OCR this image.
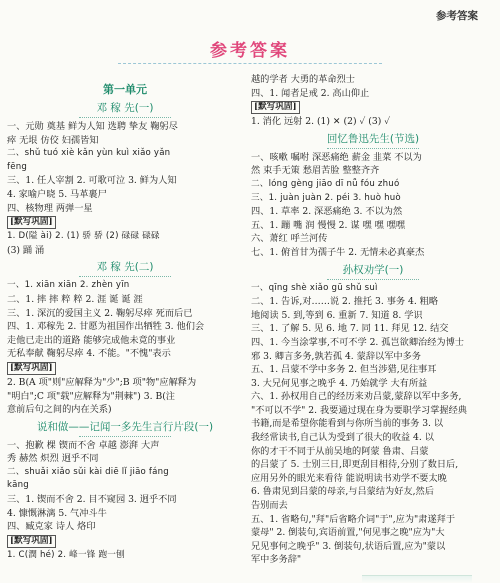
参考答案
参考答案

第一单元

邓 稼 先(一)

一、元勋 奠基 鲜为人知 选聘 挚友 鞠躬尽

瘁 无垠 仿佼 妇孺皆知

二、shǔ tuó xiè kǎn yùn kuì xiǎo yǎn

fēng

三、1. 任人宰割 2. 可歌可泣 3. 鲜为人知

4. 家喻户晓 5. 马革裹尸

四、核物理 两弹一星

[默写巩固]

1. D(隘 ài) 2. (1) 骄 骄 (2) 碌碌 碌碌

(3) 踊 涌

邓 稼 先(二)

一、1. xiān xiān 2. zhèn yīn

二、1. 摔 摔 粹 粹 2. 涯 诞 诞 涯

三、1. 深沉的爱国主义 2. 鞠躬尽瘁 死而后已

四、1. 邓稼先 2. 甘愿为祖国作出牺牲 3. 他们会

走他已走出的道路 能够完成他未竟的事业

无私奉献 鞠躬尽瘁 4. 不能。"不愧"表示

[默写巩固]

2. B(A 项"则"应解释为"少";B 项"物"应解释为

"明白";C 项"载"应解释为"荆棘") 3. B(注

意前后句之间的内在关系)

说和做——记闻一多先生言行片段(一)

一、抱歉 棵 锲而不舍 卓越 澎湃 大声

秀 赫然 炽烈 迥乎不同

二、shuǎi xiǎo sǔi kài diē lǐ jiāo fáng

kāng

三、1. 锲而不舍 2. 目不窥园 3. 迥乎不同

4. 慷慨淋漓 5. 气冲斗牛

四、臧克家 诗人 烙印

[默写巩固]

1. C(潤 hé) 2. 峰一锋 跑一刨

越的学者 大勇的革命烈士

四、1. 闻者足戒 2. 高山仰止

[默写巩固]

1. 消化 远射 2. (1) ✕ (2) ✓ (3) ✓

回忆鲁迅先生(节选)

一、咳嗽 嘱咐 深恶痛绝 薪金 韭菜 不以为

然 束手无策 愁眉苦脸 整整齐齐

二、lóng gèng jiāo dī nǚ fóu zhuó

三、1. juàn juàn 2. péi 3. huò huò

四、1. 草率 2. 深恶痛绝 3. 不以为然

五、1. 蹦 嘴 润 慢慢 2. 谋 嘿 嘿 嘿嘿

六、萧红 呼兰河传

七、1. 俯首甘为孺子牛 2. 无情未必真豪杰

孙权劝学(一)

一、qīng shè xiǎo gū shǔ suì

二、1. 告诉,对……说 2. 推托 3. 事务 4. 粗略

地阅读 5. 到,等到 6. 重新 7. 知道 8. 学识

三、1. 了解 5. 见 6. 地 7. 同 11. 拜见 12. 结交

四、1. 今当涂掌事,不可不学 2. 孤岂欲卿治经为博士

邪 3. 卿言多务,孰若孤 4. 蒙辞以军中多务

五、1. 吕蒙不学中多务 2. 但当涉猎,见往事耳

3. 大兄何见事之晚乎 4. 乃始就学 大有所益

六、1. 孙权用自己的经历来劝吕蒙,蒙辞以军中多务,

"不可以不学" 2. 我要通过现在身为要职学习掌握经典

书籍,而是希望你能看到与你所当前的事务 3. 以

我经常读书,自己认为受到了很大的收益 4. 以

你的才干不同于从前吴地的阿蒙 鲁肃、吕蒙

的吕蒙了 5. 士别三日,即更刮目相待,分别了数日后,

应用另外的眼光来看待 能说明读书劝学不要太晚

6. 鲁肃见到吕蒙的母亲,与吕蒙结为好友,然后

告别而去

五、1. 省略句,"拜"后省略介词"于",应为"肃遂拜于

蒙母" 2. 倒装句,宾语前置,"何见事之晚"应为"大

兄见事何之晚乎" 3. 倒装句,状语后置,应为"蒙以

军中多务辞"
